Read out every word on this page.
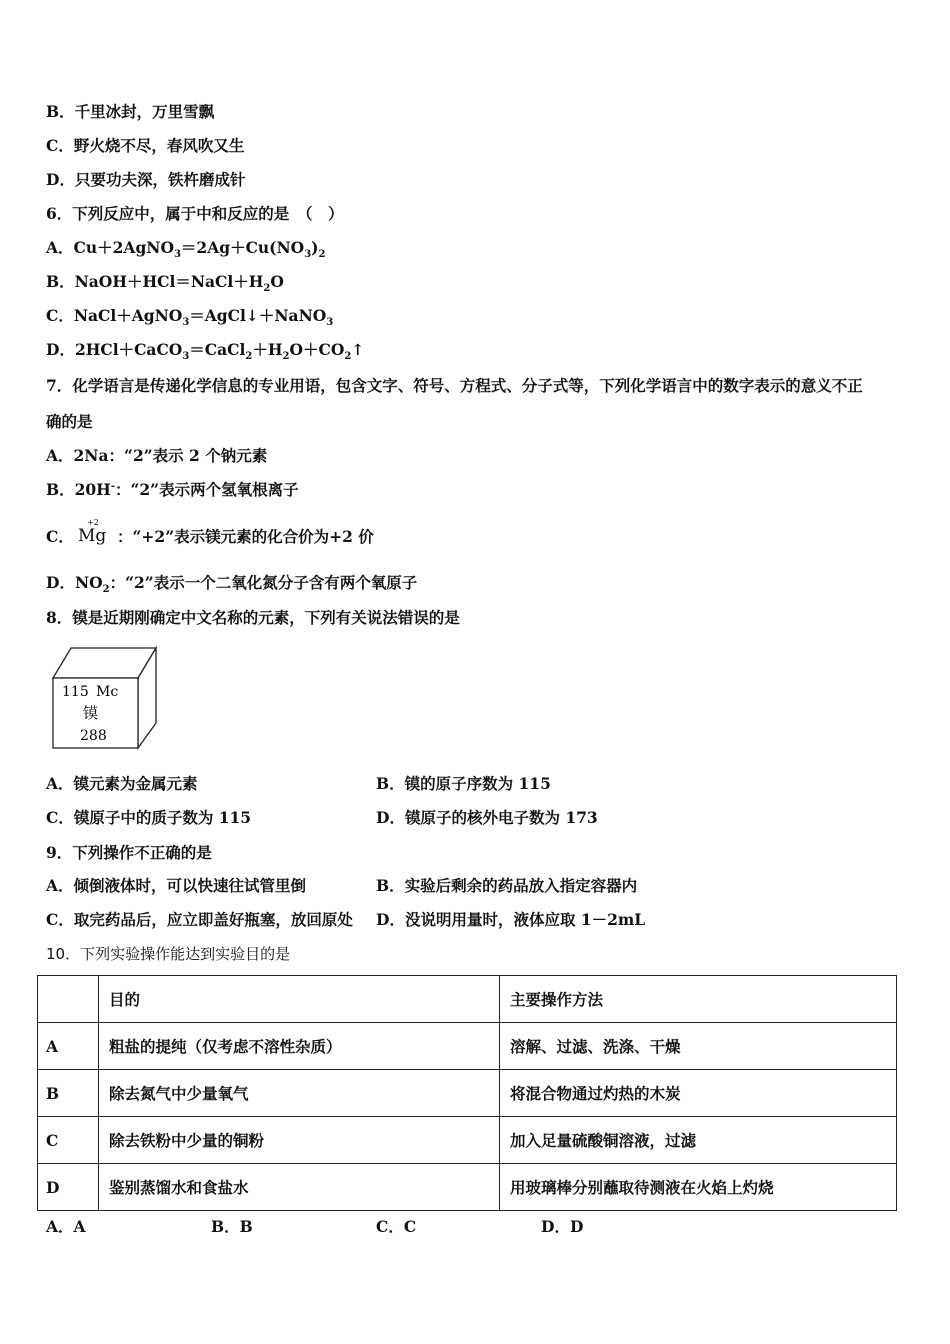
B．千里冰封，万里雪飘
C．野火烧不尽，春风吹又生
D．只要功夫深，铁杵磨成针
6．下列反应中，属于中和反应的是　（　）
A．$Cu+2AgNO_3=2Ag+Cu(NO_3)_2$
B．$NaOH+HCl=NaCl+H_2O$
C．NaCl＋AgNO$_3$＝AgCl↓＋NaNO$_3$
D．$2HCl+CaCO_3=CaCl_2+H_2O+CO_2↑$
7．化学语言是传递化学信息的专业用语，包含文字、符号、方程式、分子式等，下列化学语言中的数字表示的意义不正
确的是
A．2Na：“2”表示 2 个钠元素
B．20H-：“2”表示两个氢氧根离子
C．
+2
Mg ：“+2”表示镁元素的化合价为+2 价
D．$NO_2$：“2”表示一个二氧化氮分子含有两个氧原子
8．镆是近期刚确定中文名称的元素，下列有关说法错误的是
115 Mc
镆
288
A．镆元素为金属元素	B．镆的原子序数为 115
C．镆原子中的质子数为 115	D．镆原子的核外电子数为 173
9．下列操作不正确的是
A．倾倒液体时，可以快速往试管里倒	B．实验后剩余的药品放入指定容器内
C．取完药品后，应立即盖好瓶塞，放回原处 D．没说明用量时，液体应取 1－2mL
10．下列实验操作能达到实验目的是
	目的	主要操作方法
A	粗盐的提纯（仅考虑不溶性杂质）	溶解、过滤、洗涤、干燥
B	除去氮气中少量氧气	将混合物通过灼热的木炭
C	除去铁粉中少量的铜粉	加入足量硫酸铜溶液，过滤
D	鉴别蒸馏水和食盐水	用玻璃棒分别蘸取待测液在火焰上灼烧
A．A	B．B	C．C	D．D
